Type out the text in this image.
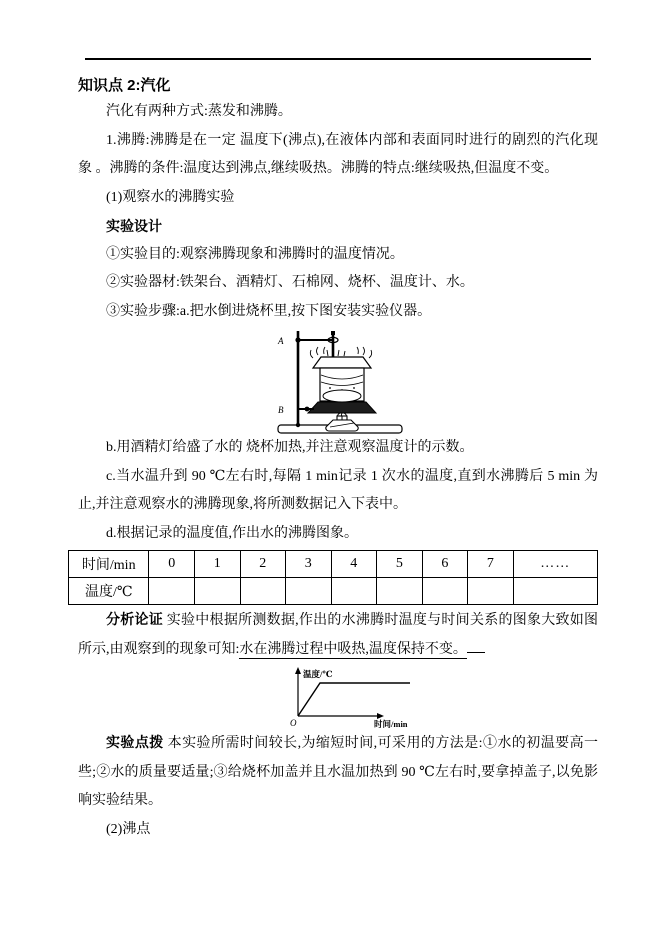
知识点 2:汽化

汽化有两种方式:蒸发和沸腾。

1.沸腾:沸腾是在一定 温度下(沸点),在液体内部和表面同时进行的剧烈的汽化现象 。沸腾的条件:温度达到沸点,继续吸热。沸腾的特点:继续吸热,但温度不变。

(1)观察水的沸腾实验

实验设计

①实验目的:观察沸腾现象和沸腾时的温度情况。

②实验器材:铁架台、酒精灯、石棉网、烧杯、温度计、水。

③实验步骤:a.把水倒进烧杯里,按下图安装实验仪器。

A
B

b.用酒精灯给盛了水的 烧杯加热,并注意观察温度计的示数。

c.当水温升到 90 ℃左右时,每隔 1 min记录 1 次水的温度,直到水沸腾后 5 min 为止,并注意观察水的沸腾现象,将所测数据记入下表中。

d.根据记录的温度值,作出水的沸腾图象。

时间/min	0	1	2	3	4	5	6	7	……
温度/℃									

分析论证 实验中根据所测数据,作出的水沸腾时温度与时间关系的图象大致如图所示,由观察到的现象可知:水在沸腾过程中吸热,温度保持不变。

温度/℃
O	时间/min

实验点拨 本实验所需时间较长,为缩短时间,可采用的方法是:①水的初温要高一些;②水的质量要适量;③给烧杯加盖并且水温加热到 90 ℃左右时,要拿掉盖子,以免影响实验结果。

(2)沸点
